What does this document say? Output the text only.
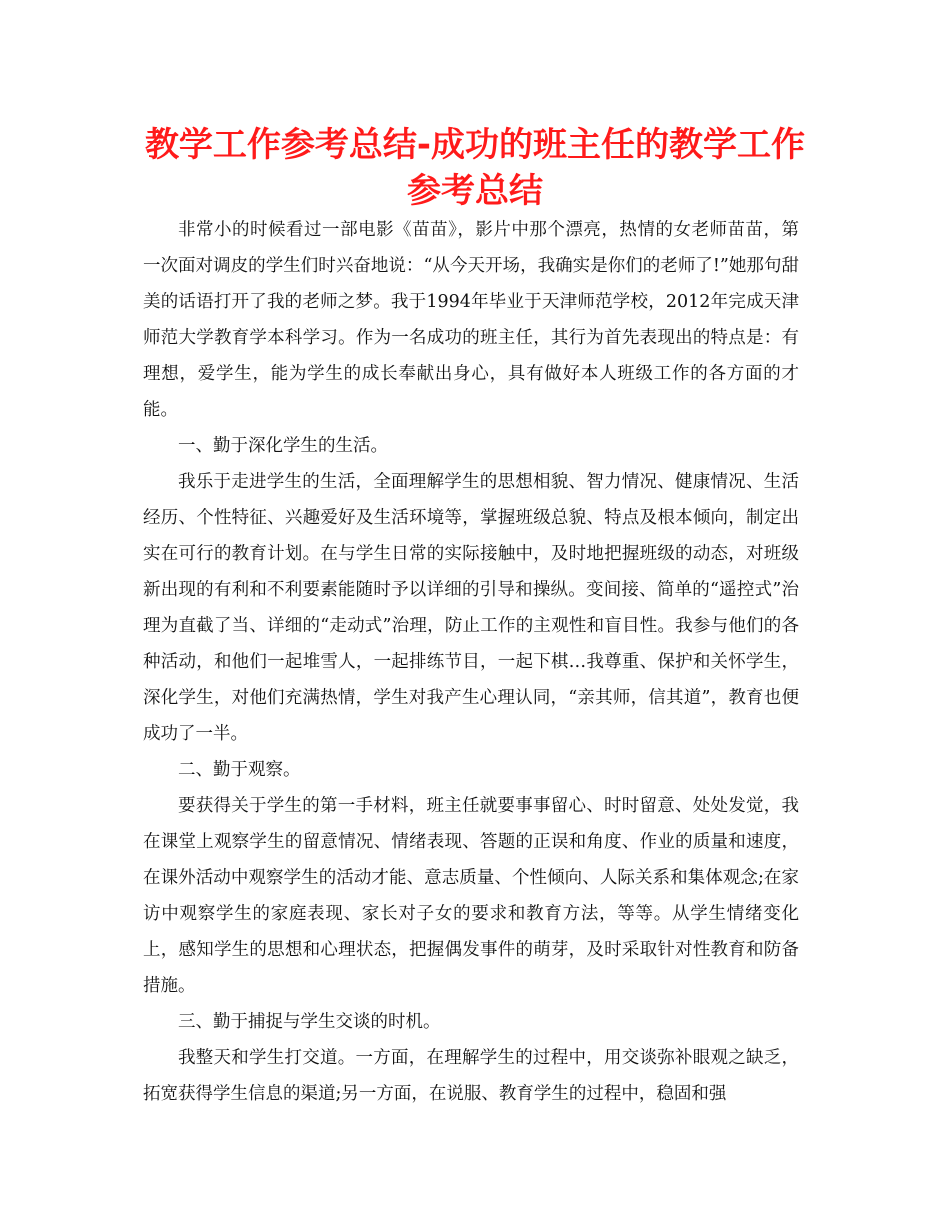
教学工作参考总结-成功的班主任的教学工作参考总结

非常小的时候看过一部电影《苗苗》，影片中那个漂亮，热情的女老师苗苗，第一次面对调皮的学生们时兴奋地说：“从今天开场，我确实是你们的老师了!”她那句甜美的话语打开了我的老师之梦。我于1994年毕业于天津师范学校，2012年完成天津师范大学教育学本科学习。作为一名成功的班主任，其行为首先表现出的特点是：有理想，爱学生，能为学生的成长奉献出身心，具有做好本人班级工作的各方面的才能。

一、勤于深化学生的生活。

我乐于走进学生的生活，全面理解学生的思想相貌、智力情况、健康情况、生活经历、个性特征、兴趣爱好及生活环境等，掌握班级总貌、特点及根本倾向，制定出实在可行的教育计划。在与学生日常的实际接触中，及时地把握班级的动态，对班级新出现的有利和不利要素能随时予以详细的引导和操纵。变间接、简单的“遥控式”治理为直截了当、详细的“走动式”治理，防止工作的主观性和盲目性。我参与他们的各种活动，和他们一起堆雪人，一起排练节目，一起下棋…我尊重、保护和关怀学生，深化学生，对他们充满热情，学生对我产生心理认同，“亲其师，信其道”，教育也便成功了一半。

二、勤于观察。

要获得关于学生的第一手材料，班主任就要事事留心、时时留意、处处发觉，我在课堂上观察学生的留意情况、情绪表现、答题的正误和角度、作业的质量和速度，在课外活动中观察学生的活动才能、意志质量、个性倾向、人际关系和集体观念;在家访中观察学生的家庭表现、家长对子女的要求和教育方法，等等。从学生情绪变化上，感知学生的思想和心理状态，把握偶发事件的萌芽，及时采取针对性教育和防备措施。

三、勤于捕捉与学生交谈的时机。

我整天和学生打交道。一方面，在理解学生的过程中，用交谈弥补眼观之缺乏，拓宽获得学生信息的渠道;另一方面，在说服、教育学生的过程中，稳固和强
